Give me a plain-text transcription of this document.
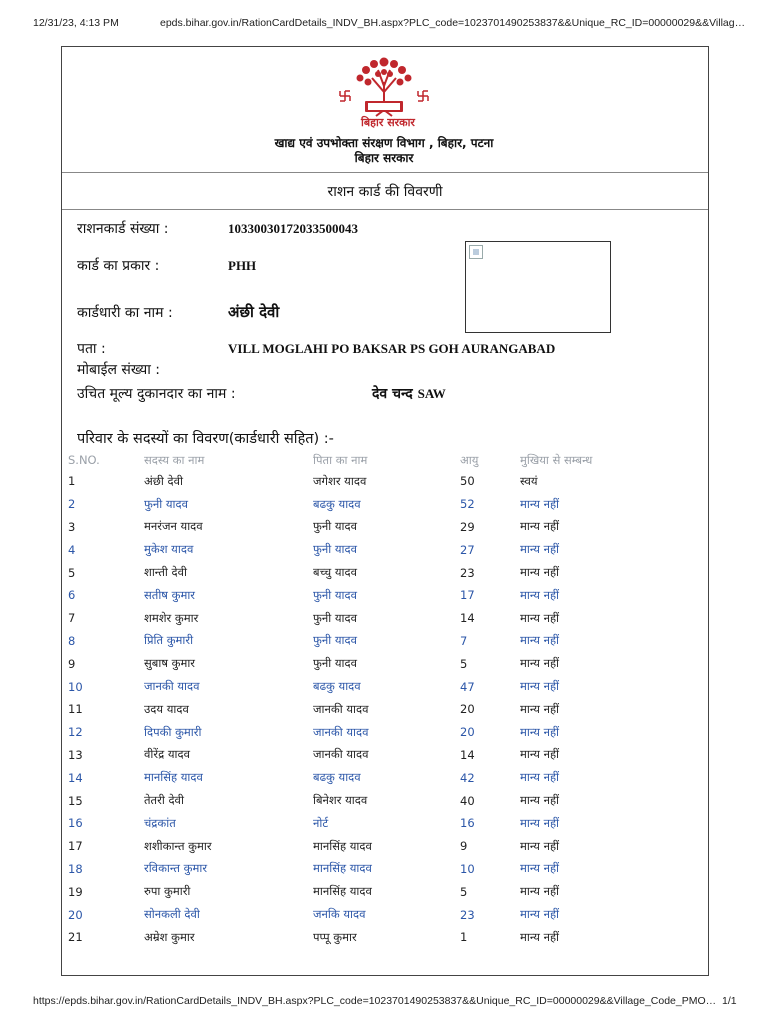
12/31/23, 4:13 PM	epds.bihar.gov.in/RationCardDetails_INDV_BH.aspx?PLC_code=1023701490253837&&Unique_RC_ID=00000029&&Villag…
बिहार सरकार
खाद्य एवं उपभोक्ता संरक्षण विभाग , बिहार, पटना
बिहार सरकार
राशन कार्ड की विवरणी
राशनकार्ड संख्या :	10330030172033500043
कार्ड का प्रकार :	PHH
कार्डधारी का नाम :	अंछी देवी
पता :	VILL MOGLAHI PO BAKSAR PS GOH AURANGABAD
मोबाईल संख्या :
उचित मूल्य दुकानदार का नाम :	देव चन्द SAW
परिवार के सदस्यों का विवरण(कार्डधारी सहित) :-
S.NO.	सदस्य का नाम	पिता का नाम	आयु	मुखिया से सम्बन्ध
1	अंछी देवी	जगेशर यादव	50	स्वयं
2	फुनी यादव	बढकु यादव	52	मान्य नहीं
3	मनरंजन यादव	फुनी यादव	29	मान्य नहीं
4	मुकेश यादव	फुनी यादव	27	मान्य नहीं
5	शान्ती देवी	बच्चु यादव	23	मान्य नहीं
6	सतीष कुमार	फुनी यादव	17	मान्य नहीं
7	शमशेर कुमार	फुनी यादव	14	मान्य नहीं
8	प्रिति कुमारी	फुनी यादव	7	मान्य नहीं
9	सुबाष कुमार	फुनी यादव	5	मान्य नहीं
10	जानकी यादव	बढकु यादव	47	मान्य नहीं
11	उदय यादव	जानकी यादव	20	मान्य नहीं
12	दिपकी कुमारी	जानकी यादव	20	मान्य नहीं
13	वीरेंद्र यादव	जानकी यादव	14	मान्य नहीं
14	मानसिंह यादव	बढकु यादव	42	मान्य नहीं
15	तेतरी देवी	बिनेशर यादव	40	मान्य नहीं
16	चंद्रकांत	नोर्ट	16	मान्य नहीं
17	शशीकान्त कुमार	मानसिंह यादव	9	मान्य नहीं
18	रविकान्त कुमार	मानसिंह यादव	10	मान्य नहीं
19	रुपा कुमारी	मानसिंह यादव	5	मान्य नहीं
20	सोनकली देवी	जनकि यादव	23	मान्य नहीं
21	अम्रेश कुमार	पप्पू कुमार	1	मान्य नहीं
https://epds.bihar.gov.in/RationCardDetails_INDV_BH.aspx?PLC_code=1023701490253837&&Unique_RC_ID=00000029&&Village_Code_PMO… 1/1
